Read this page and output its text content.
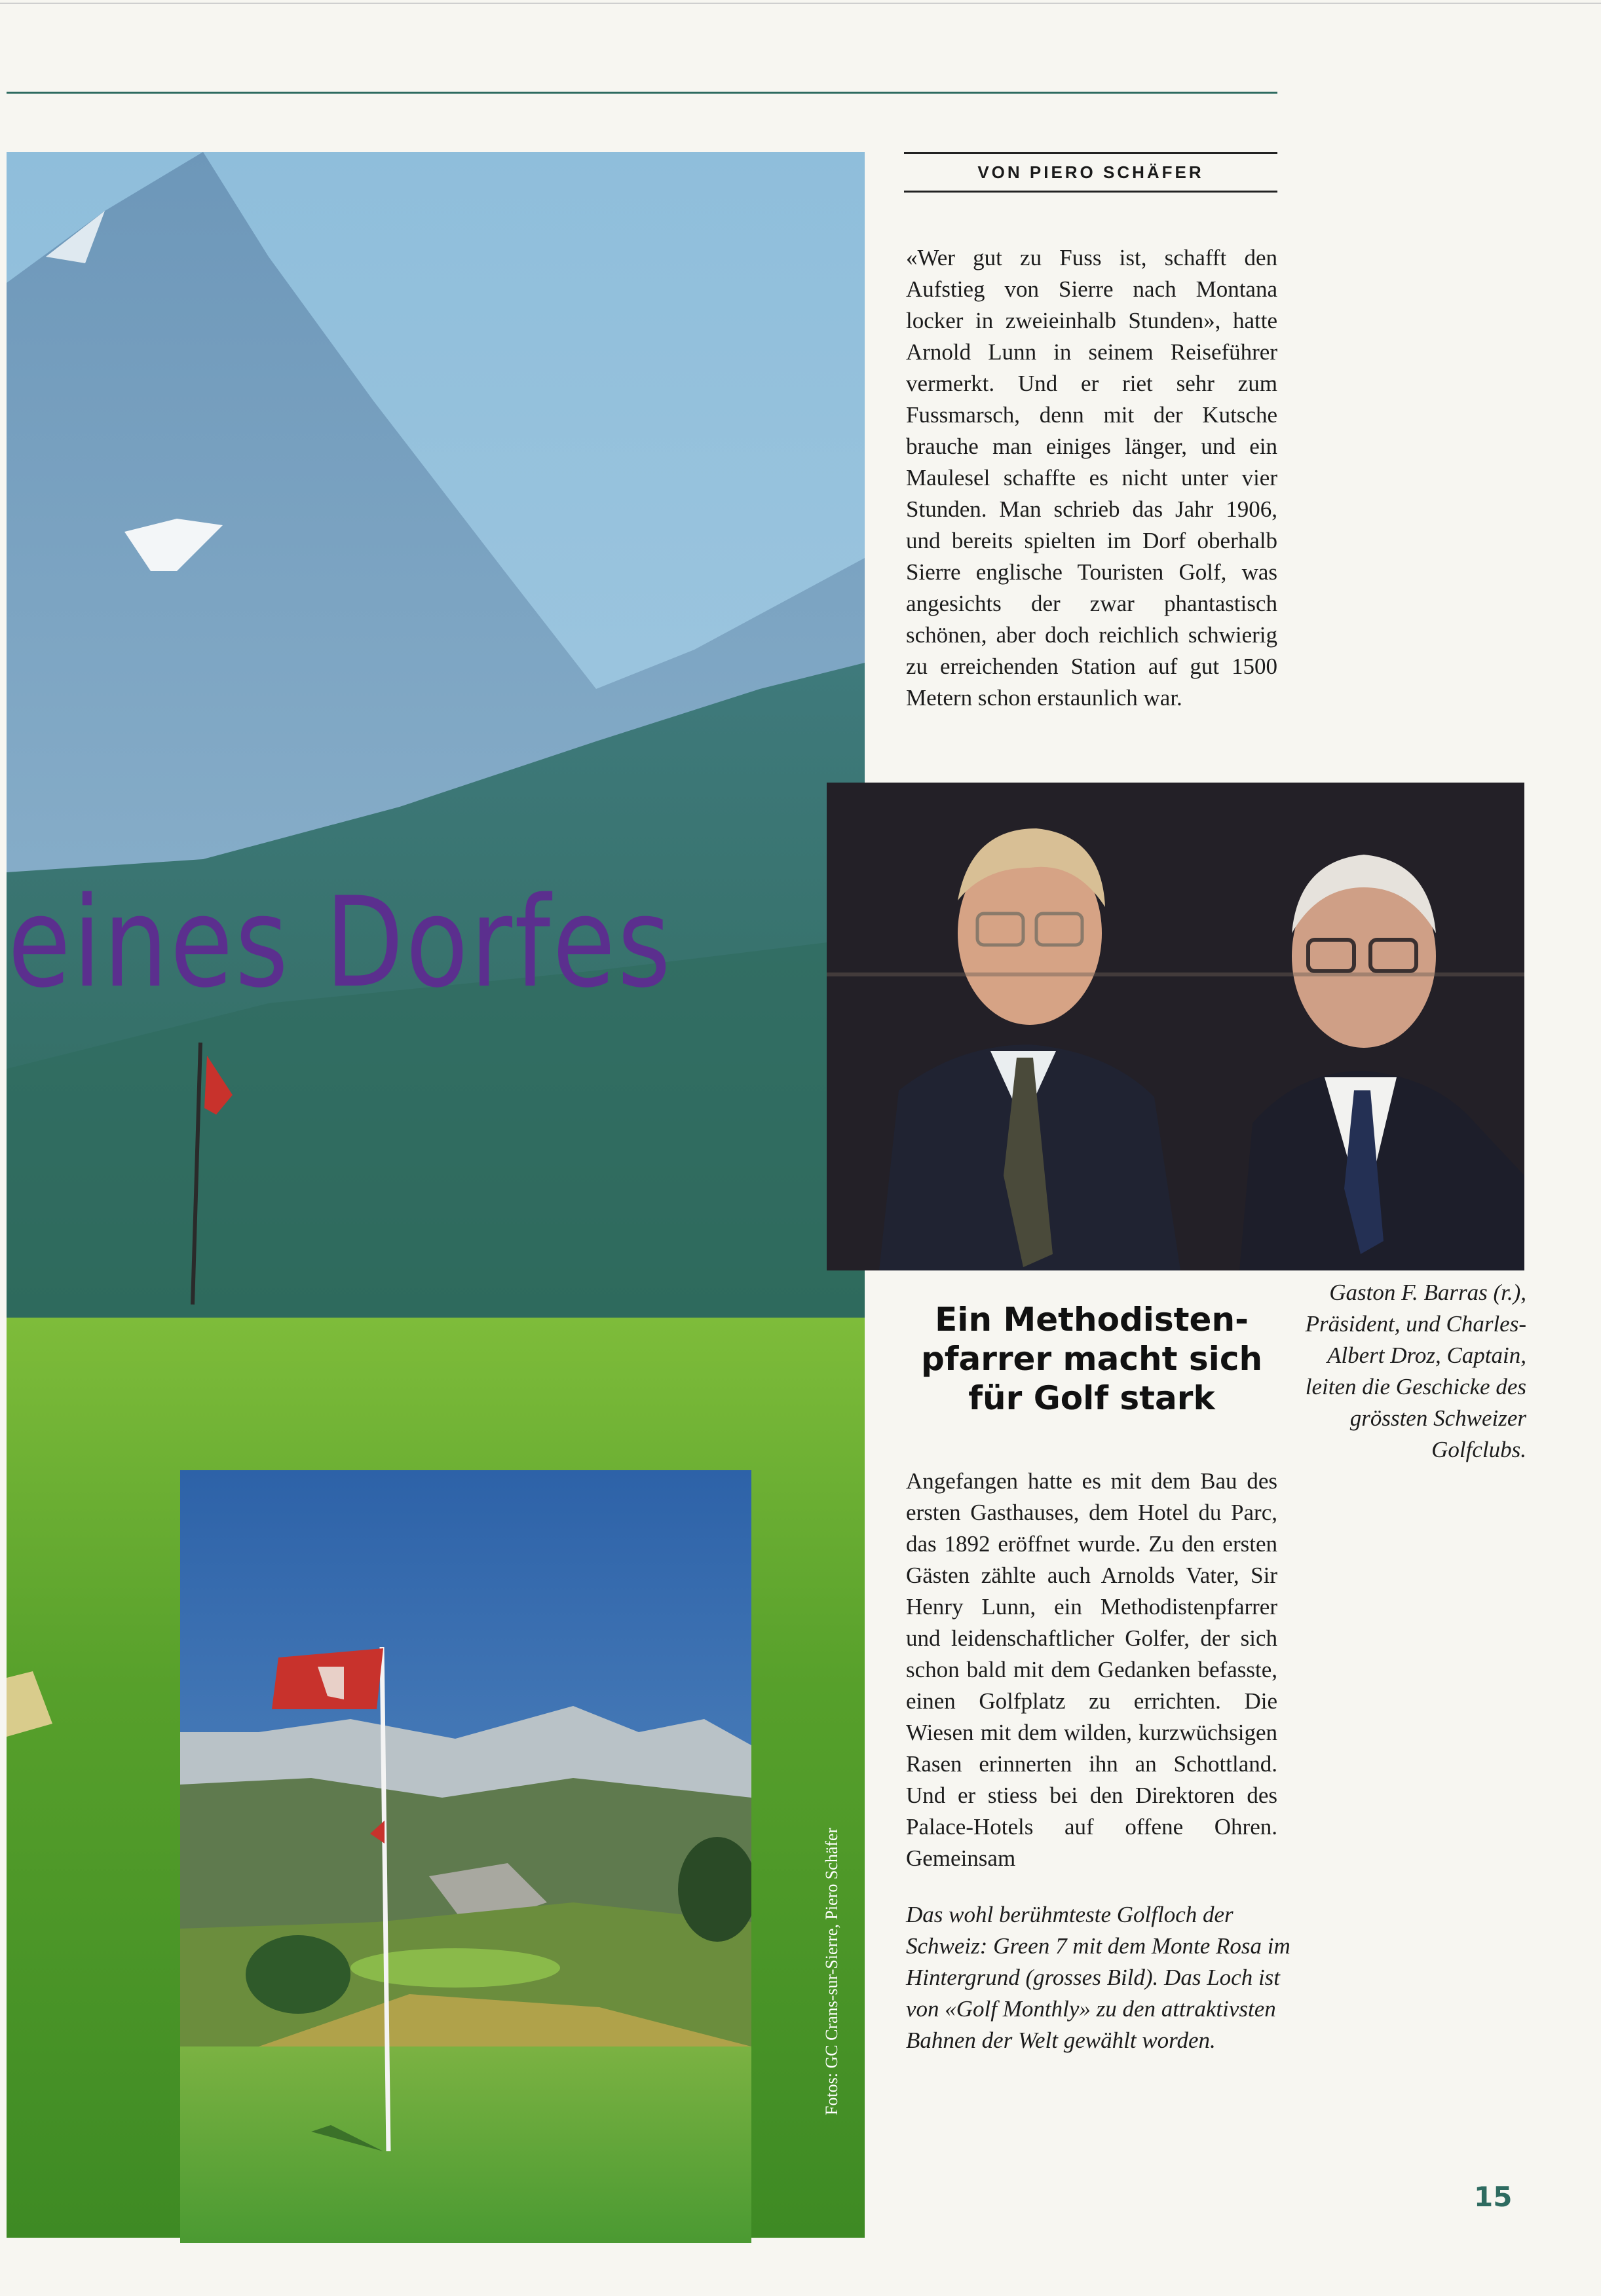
eines Dorfes
VON PIERO SCHÄFER
«Wer gut zu Fuss ist, schafft den Aufstieg von Sierre nach Montana locker in zweieinhalb Stunden», hatte Arnold Lunn in seinem Reiseführer vermerkt. Und er riet sehr zum Fussmarsch, denn mit der Kutsche brauche man einiges länger, und ein Maulesel schaffte es nicht unter vier Stunden. Man schrieb das Jahr 1906, und bereits spielten im Dorf oberhalb Sierre englische Touristen Golf, was angesichts der zwar phantastisch schönen, aber doch reichlich schwierig zu erreichenden Station auf gut 1500 Metern schon erstaunlich war.
Gaston F. Barras (r.), Präsident, und Charles-Albert Droz, Captain, leiten die Geschicke des grössten Schweizer Golfclubs.
Ein Methodisten-pfarrer macht sich für Golf stark
Angefangen hatte es mit dem Bau des ersten Gasthauses, dem Hotel du Parc, das 1892 eröffnet wurde. Zu den ersten Gästen zählte auch Arnolds Vater, Sir Henry Lunn, ein Methodistenpfarrer und leidenschaftlicher Golfer, der sich schon bald mit dem Gedanken befasste, einen Golfplatz zu errichten. Die Wiesen mit dem wilden, kurzwüchsigen Rasen erinnerten ihn an Schottland. Und er stiess bei den Direktoren des Palace-Hotels auf offene Ohren. Gemeinsam
Fotos: GC Crans-sur-Sierre, Piero Schäfer	Das wohl berühmteste Golfloch der Schweiz: Green 7 mit dem Monte Rosa im Hintergrund (grosses Bild). Das Loch ist von «Golf Monthly» zu den attraktivsten Bahnen der Welt gewählt worden.
15
